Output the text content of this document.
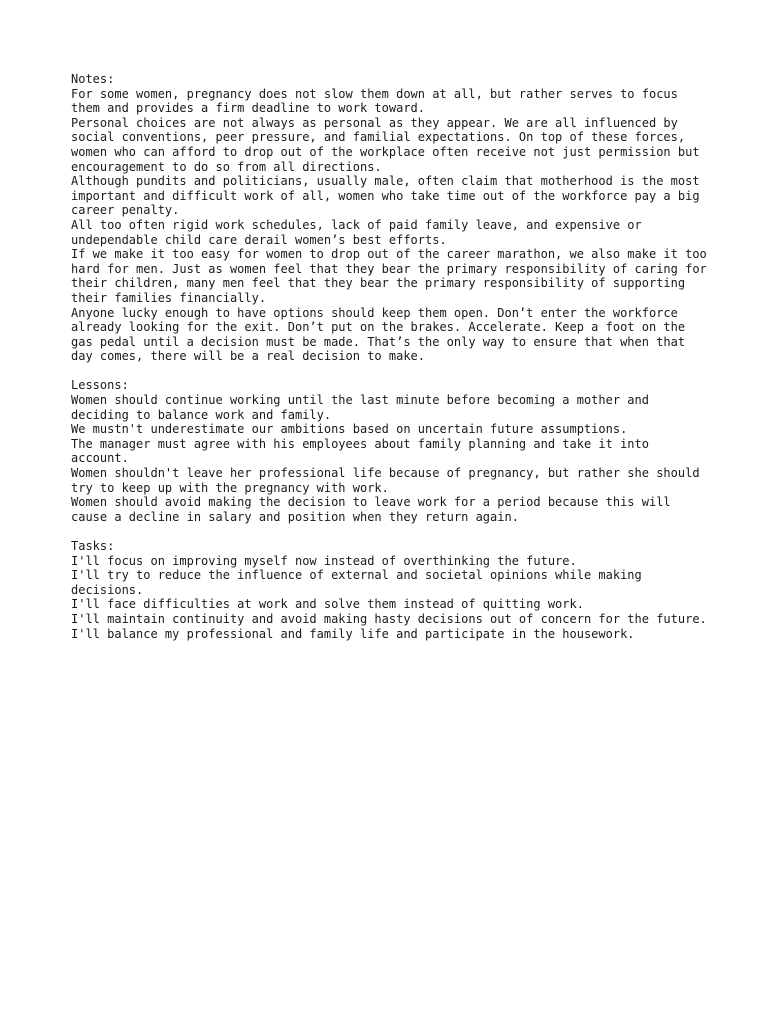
Notes:

For some women, pregnancy does not slow them down at all, but rather serves to focus them and provides a firm deadline to work toward.

Personal choices are not always as personal as they appear. We are all influenced by social conventions, peer pressure, and familial expectations. On top of these forces, women who can afford to drop out of the workplace often receive not just permission but encouragement to do so from all directions.

Although pundits and politicians, usually male, often claim that motherhood is the most important and difficult work of all, women who take time out of the workforce pay a big career penalty.

All too often rigid work schedules, lack of paid family leave, and expensive or undependable child care derail women’s best efforts.

If we make it too easy for women to drop out of the career marathon, we also make it too hard for men. Just as women feel that they bear the primary responsibility of caring for their children, many men feel that they bear the primary responsibility of supporting their families financially.

Anyone lucky enough to have options should keep them open. Don’t enter the workforce already looking for the exit. Don’t put on the brakes. Accelerate. Keep a foot on the gas pedal until a decision must be made. That’s the only way to ensure that when that day comes, there will be a real decision to make.

Lessons:

Women should continue working until the last minute before becoming a mother and deciding to balance work and family.

We mustn't underestimate our ambitions based on uncertain future assumptions.

The manager must agree with his employees about family planning and take it into account.

Women shouldn't leave her professional life because of pregnancy, but rather she should try to keep up with the pregnancy with work.

Women should avoid making the decision to leave work for a period because this will cause a decline in salary and position when they return again.

Tasks:

I'll focus on improving myself now instead of overthinking the future.

I'll try to reduce the influence of external and societal opinions while making decisions.

I'll face difficulties at work and solve them instead of quitting work.

I'll maintain continuity and avoid making hasty decisions out of concern for the future.

I'll balance my professional and family life and participate in the housework.
